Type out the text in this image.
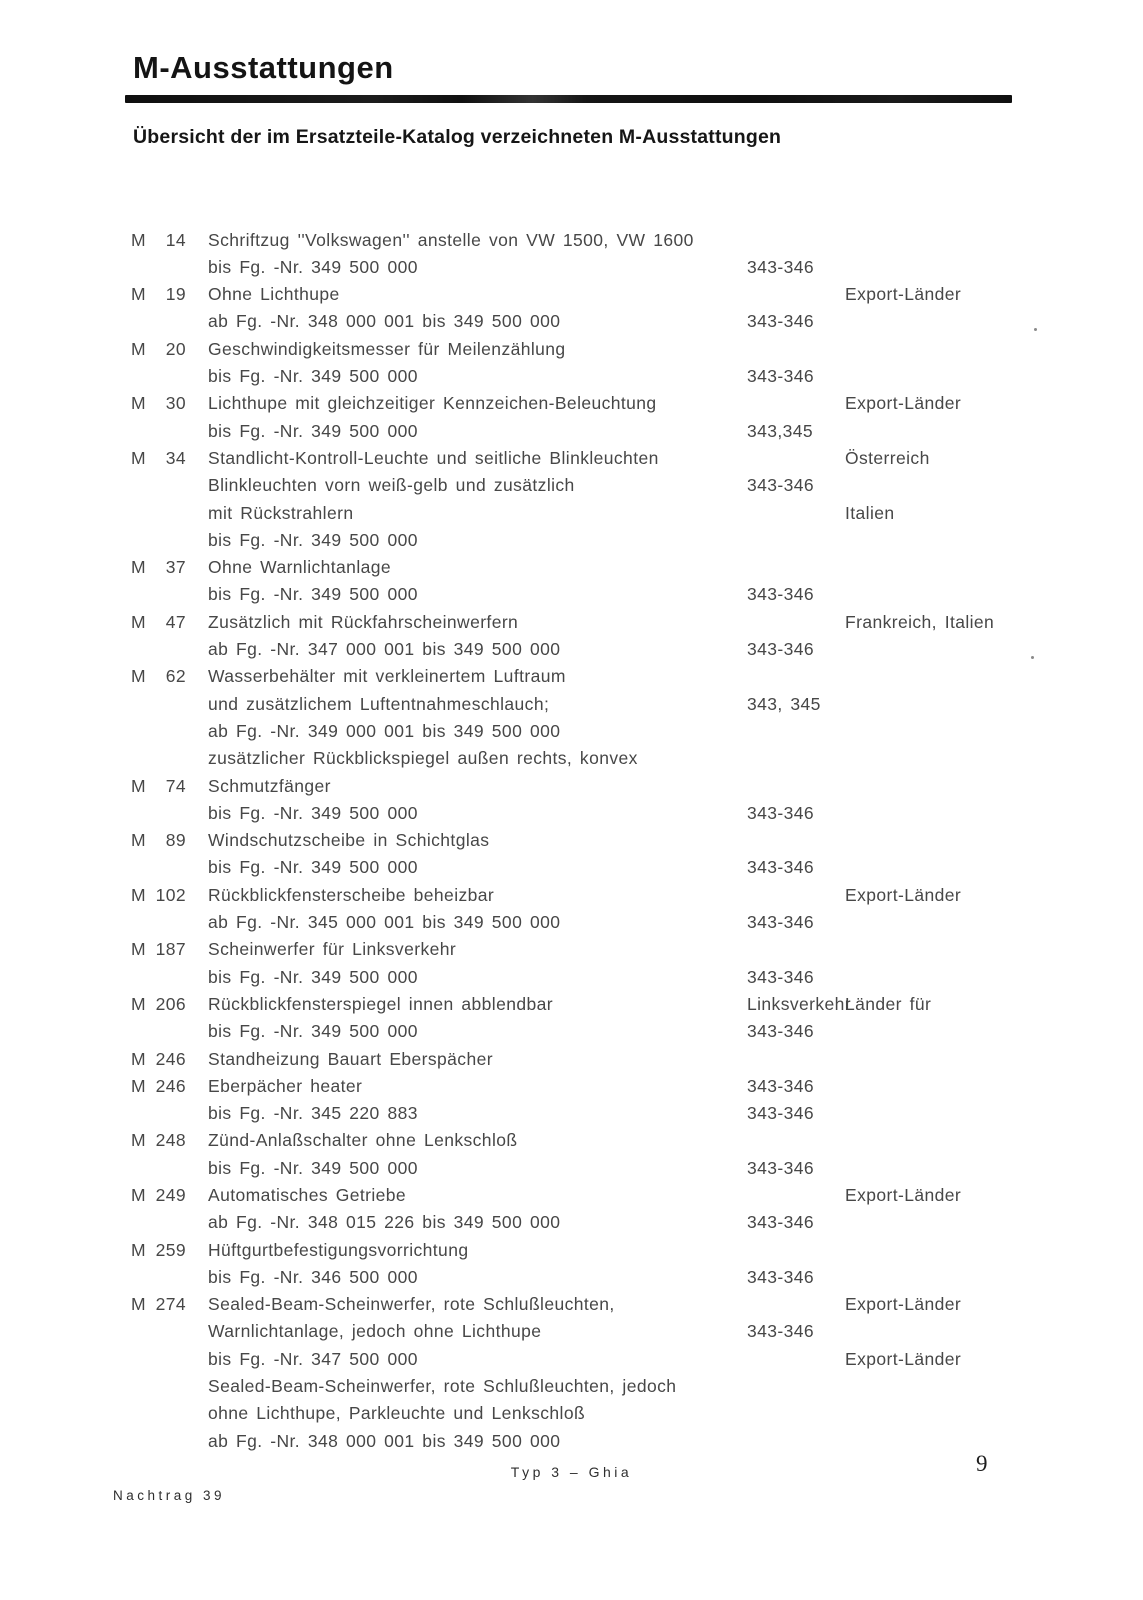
M-Ausstattungen
Übersicht der im Ersatzteile-Katalog verzeichneten M-Ausstattungen

M 14

Schriftzug ''Volkswagen'' anstelle von VW 1500, VW 1600

343-346

Export-Länder

bis Fg. -Nr. 349 500 000

M 19

Ohne Lichthupe

343-346

ab Fg. -Nr. 348 000 001 bis 349 500 000

M 20

Geschwindigkeitsmesser für Meilenzählung

343-346

Export-Länder

bis Fg. -Nr. 349 500 000

M 30

Lichthupe mit gleichzeitiger Kennzeichen-Beleuchtung

343,345

Österreich

bis Fg. -Nr. 349 500 000

M 34

Standlicht-Kontroll-Leuchte und seitliche Blinkleuchten

343-346

Italien

Blinkleuchten vorn weiß-gelb und zusätzlich

mit Rückstrahlern

bis Fg. -Nr. 349 500 000

M 37

Ohne Warnlichtanlage

343-346

Frankreich, Italien

bis Fg. -Nr. 349 500 000

M 47

Zusätzlich mit Rückfahrscheinwerfern

343-346

ab Fg. -Nr. 347 000 001 bis 349 500 000

M 62

Wasserbehälter mit verkleinertem Luftraum

343, 345

und zusätzlichem Luftentnahmeschlauch;

ab Fg. -Nr. 349 000 001 bis 349 500 000

zusätzlicher Rückblickspiegel außen rechts, konvex

M 74

Schmutzfänger

343-346

bis Fg. -Nr. 349 500 000

M 89

Windschutzscheibe in Schichtglas

343-346

Export-Länder

bis Fg. -Nr. 349 500 000

M 102

Rückblickfensterscheibe beheizbar

343-346

ab Fg. -Nr. 345 000 001 bis 349 500 000

M 187

Scheinwerfer für Linksverkehr

343-346

Länder für

bis Fg. -Nr. 349 500 000

Linksverkehr

M 206

Rückblickfensterspiegel innen abblendbar

343-346

bis Fg. -Nr. 349 500 000

M 246

Standheizung Bauart Eberspächer

343-346

M 246

Eberpächer heater

343-346

bis Fg. -Nr. 345 220 883

M 248

Zünd-Anlaßschalter ohne Lenkschloß

343-346

Export-Länder

bis Fg. -Nr. 349 500 000

M 249

Automatisches Getriebe

343-346

ab Fg. -Nr. 348 015 226 bis 349 500 000

M 259

Hüftgurtbefestigungsvorrichtung

343-346

Export-Länder

bis Fg. -Nr. 346 500 000

M 274

Sealed-Beam-Scheinwerfer, rote Schlußleuchten,

343-346

Export-Länder

Warnlichtanlage, jedoch ohne Lichthupe

bis Fg. -Nr. 347 500 000

Sealed-Beam-Scheinwerfer, rote Schlußleuchten, jedoch

ohne Lichthupe, Parkleuchte und Lenkschloß

ab Fg. -Nr. 348 000 001 bis 349 500 000

Typ 3 – Ghia	9
Nachtrag 39
